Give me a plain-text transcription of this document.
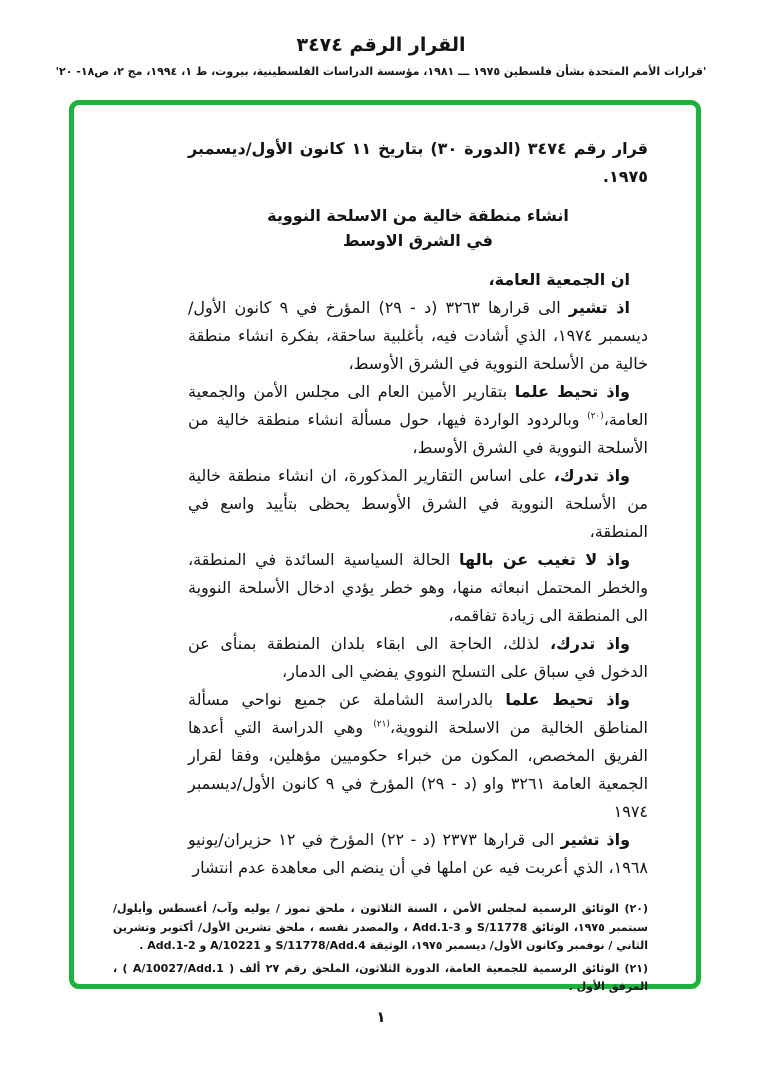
القرار الرقم ٣٤٧٤
'قرارات الأمم المتحدة بشأن فلسطين ١٩٧٥ ـــ ١٩٨١، مؤسسة الدراسات الفلسطينية، بيروت، ط ١، ١٩٩٤، مج ٢، ص١٨- ٢٠'

قرار رقم ٣٤٧٤ (الدورة ٣٠) بتاريخ ١١ كانون الأول/ديسمبر ١٩٧٥.

انشاء منطقة خالية من الاسلحة النووية
في الشرق الاوسط

ان الجمعية العامة،

اذ تشير الى قرارها ٣٢٦٣ (د - ٢٩) المؤرخ في ٩ كانون الأول/ ديسمبر ١٩٧٤، الذي أشادت فيه، بأغلبية ساحقة، بفكرة انشاء منطقة خالية من الأسلحة النووية في الشرق الأوسط،

واذ تحيط علما بتقارير الأمين العام الى مجلس الأمن والجمعية العامة،$^{(٢٠)}$ وبالردود الواردة فيها، حول مسألة انشاء منطقة خالية من الأسلحة النووية في الشرق الأوسط،

واذ تدرك، على اساس التقارير المذكورة، ان انشاء منطقة خالية من الأسلحة النووية في الشرق الأوسط يحظى بتأييد واسع في المنطقة،

واذ لا تغيب عن بالها الحالة السياسية السائدة في المنطقة، والخطر المحتمل انبعاثه منها، وهو خطر يؤدي ادخال الأسلحة النووية الى المنطقة الى زيادة تفاقمه،

واذ تدرك، لذلك، الحاجة الى ابقاء بلدان المنطقة بمنأى عن الدخول في سباق على التسلح النووي يفضي الى الدمار،

واذ تحيط علما بالدراسة الشاملة عن جميع نواحي مسألة المناطق الخالية من الاسلحة النووية،$^{(٢١)}$ وهي الدراسة التي أعدها الفريق المخصص، المكون من خبراء حكوميين مؤهلين، وفقا لقرار الجمعية العامة ٣٢٦١ واو (د - ٢٩) المؤرخ في ٩ كانون الأول/ديسمبر ١٩٧٤

واذ تشير الى قرارها ٢٣٧٣ (د - ٢٢) المؤرخ في ١٢ حزيران/يونيو ١٩٦٨، الذي أعربت فيه عن املها في أن ينضم الى معاهدة عدم انتشار

(٢٠) الوثائق الرسمية لمجلس الأمن ، السنة الثلاثون ، ملحق تموز / يوليه وآب/ أغسطس وأيلول/سبتمبر ١٩٧٥، الوثائق S/11778 و Add.1-3 ، والمصدر نفسه ، ملحق تشرين الأول/ أكتوبر وتشرين الثاني / نوفمبر وكانون الأول/ ديسمبر ١٩٧٥، الوثيقة S/11778/Add.4 و A/10221 و Add.1-2 .

(٢١) الوثائق الرسمية للجمعية العامة، الدورة الثلاثون، الملحق رقم ٢٧ ألف ( A/10027/Add.1 ) ، المرفق الأول .

١
